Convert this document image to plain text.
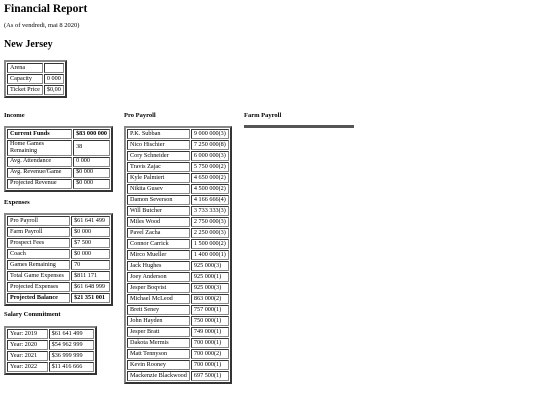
Financial Report
(As of vendredi, mai 8 2020)
New Jersey
Arena	
Capacity	0 000
Ticket Price	$0,00
Income
Expenses
Salary Commitment
Pro Payroll	Farm Payroll
Current Funds	$83 000 000
Home Games Remaining	38
Avg. Attendance	0 000
Avg. Revenue/Game	$0 000
Projected Revenue	$0 000
Pro Payroll	$61 641 499
Farm Payroll	$0 000
Prospect Fees	$7 500
Coach	$0 000
Games Remaining	70
Total Game Expenses	$811 171
Projected Expenses	$61 648 999
Projected Balance	$21 351 001
Year: 2019	$61 641 499
Year: 2020	$54 962 999
Year: 2021	$36 999 999
Year: 2022	$11 416 666
P.K. Subban	9 000 000(3)
Nico Hischier	7 250 000(8)
Cory Schneider	6 000 000(3)
Travis Zajac	5 750 000(2)
Kyle Palmieri	4 650 000(2)
Nikita Gusev	4 500 000(2)
Damon Severson	4 166 666(4)
Will Butcher	3 733 333(3)
Miles Wood	2 750 000(3)
Pavel Zacha	2 250 000(3)
Connor Carrick	1 500 000(2)
Mirco Mueller	1 400 000(1)
Jack Hughes	925 000(3)
Joey Anderson	925 000(1)
Jesper Boqvist	925 000(3)
Michael McLeod	863 000(2)
Brett Seney	757 000(1)
John Hayden	750 000(1)
Jesper Bratt	749 000(1)
Dakota Mermis	700 000(1)
Matt Tennyson	700 000(2)
Kevin Rooney	700 000(1)
Mackenzie Blackwood	697 500(1)
